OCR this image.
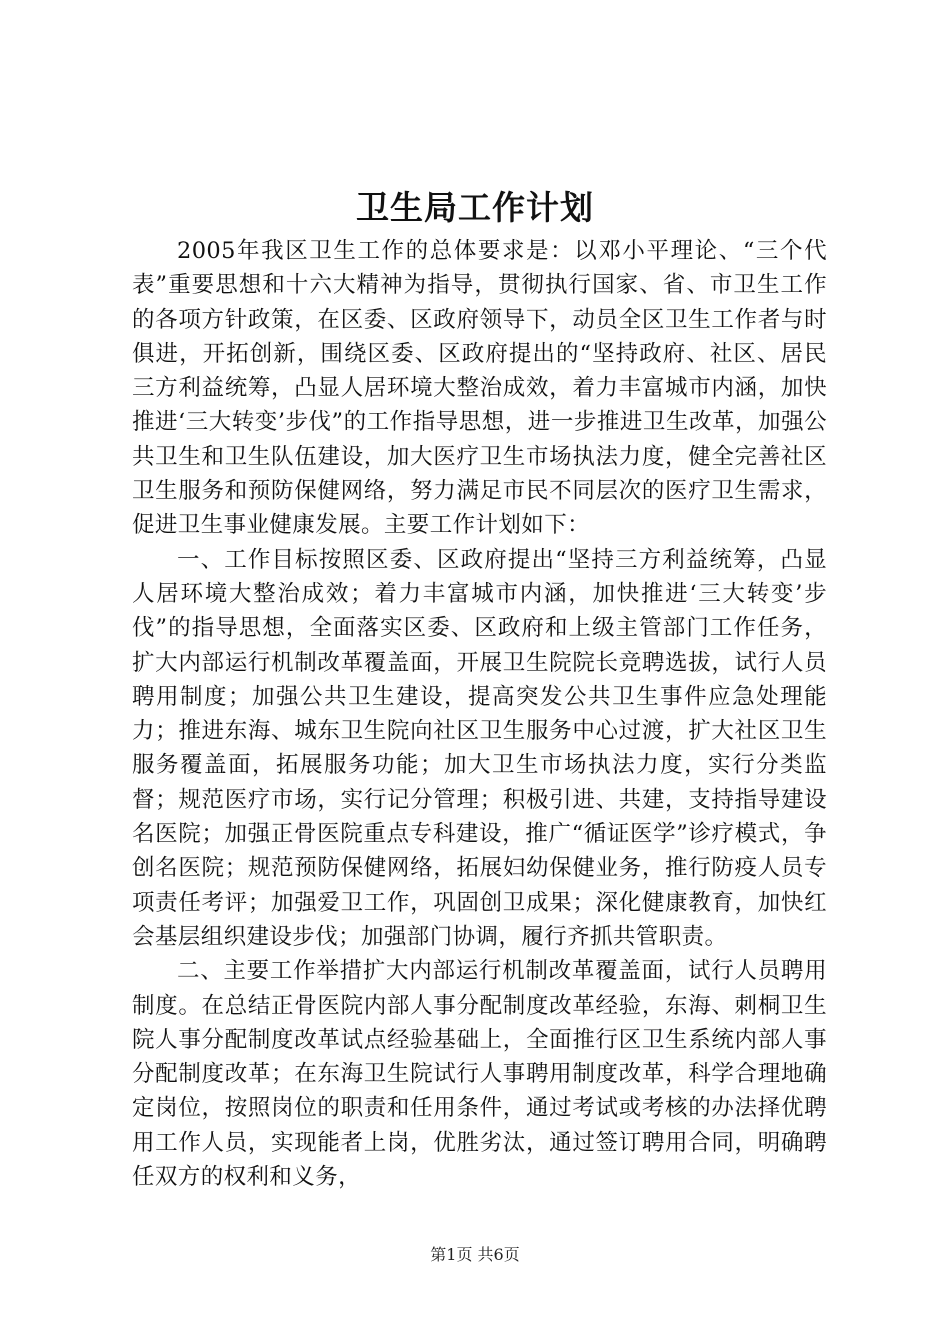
卫生局工作计划

2005年我区卫生工作的总体要求是：以邓小平理论、“三个代表”重要思想和十六大精神为指导，贯彻执行国家、省、市卫生工作的各项方针政策，在区委、区政府领导下，动员全区卫生工作者与时俱进，开拓创新，围绕区委、区政府提出的“坚持政府、社区、居民三方利益统筹，凸显人居环境大整治成效，着力丰富城市内涵，加快推进‘三大转变’步伐”的工作指导思想，进一步推进卫生改革，加强公共卫生和卫生队伍建设，加大医疗卫生市场执法力度，健全完善社区卫生服务和预防保健网络，努力满足市民不同层次的医疗卫生需求，促进卫生事业健康发展。主要工作计划如下：

一、工作目标按照区委、区政府提出“坚持三方利益统筹，凸显人居环境大整治成效；着力丰富城市内涵，加快推进‘三大转变’步伐”的指导思想，全面落实区委、区政府和上级主管部门工作任务，扩大内部运行机制改革覆盖面，开展卫生院院长竞聘选拔，试行人员聘用制度；加强公共卫生建设，提高突发公共卫生事件应急处理能力；推进东海、城东卫生院向社区卫生服务中心过渡，扩大社区卫生服务覆盖面，拓展服务功能；加大卫生市场执法力度，实行分类监督；规范医疗市场，实行记分管理；积极引进、共建，支持指导建设名医院；加强正骨医院重点专科建设，推广“循证医学”诊疗模式，争创名医院；规范预防保健网络，拓展妇幼保健业务，推行防疫人员专项责任考评；加强爱卫工作，巩固创卫成果；深化健康教育，加快红会基层组织建设步伐；加强部门协调，履行齐抓共管职责。

二、主要工作举措扩大内部运行机制改革覆盖面，试行人员聘用制度。在总结正骨医院内部人事分配制度改革经验，东海、刺桐卫生院人事分配制度改革试点经验基础上，全面推行区卫生系统内部人事分配制度改革；在东海卫生院试行人事聘用制度改革，科学合理地确定岗位，按照岗位的职责和任用条件，通过考试或考核的办法择优聘用工作人员，实现能者上岗，优胜劣汰，通过签订聘用合同，明确聘任双方的权利和义务，

第1页 共6页
